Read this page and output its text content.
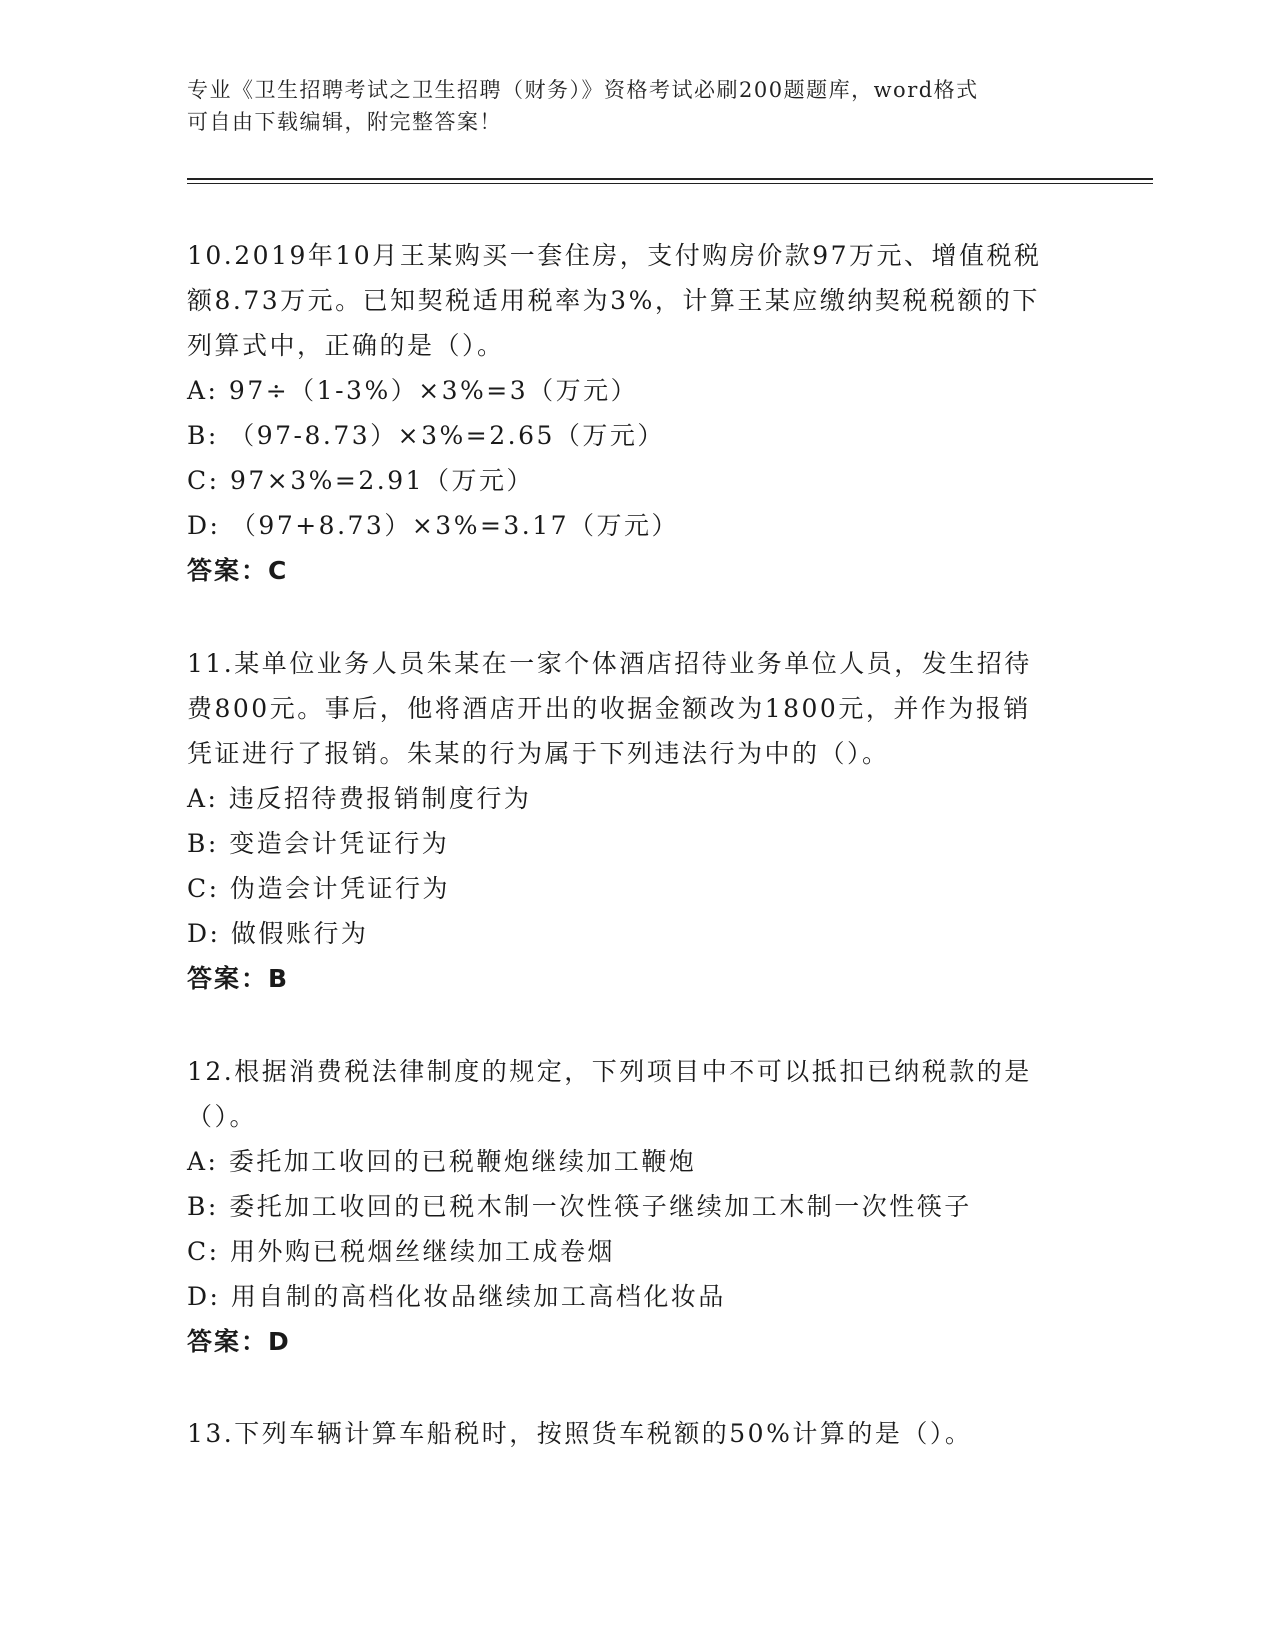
专业《卫生招聘考试之卫生招聘（财务）》资格考试必刷200题题库，word格式
可自由下载编辑，附完整答案！

10.2019年10月王某购买一套住房，支付购房价款97万元、增值税税

额8.73万元。已知契税适用税率为3%，计算王某应缴纳契税税额的下

列算式中，正确的是（）。

A: 97÷（1-3%）×3%=3（万元）

B: （97-8.73）×3%=2.65（万元）

C: 97×3%=2.91（万元）

D: （97+8.73）×3%=3.17（万元）

答案：C

11.某单位业务人员朱某在一家个体酒店招待业务单位人员，发生招待

费800元。事后，他将酒店开出的收据金额改为1800元，并作为报销

凭证进行了报销。朱某的行为属于下列违法行为中的（）。

A: 违反招待费报销制度行为

B: 变造会计凭证行为

C: 伪造会计凭证行为

D: 做假账行为

答案：B

12.根据消费税法律制度的规定，下列项目中不可以抵扣已纳税款的是

（）。

A: 委托加工收回的已税鞭炮继续加工鞭炮

B: 委托加工收回的已税木制一次性筷子继续加工木制一次性筷子

C: 用外购已税烟丝继续加工成卷烟

D: 用自制的高档化妆品继续加工高档化妆品

答案：D

13.下列车辆计算车船税时，按照货车税额的50%计算的是（）。
